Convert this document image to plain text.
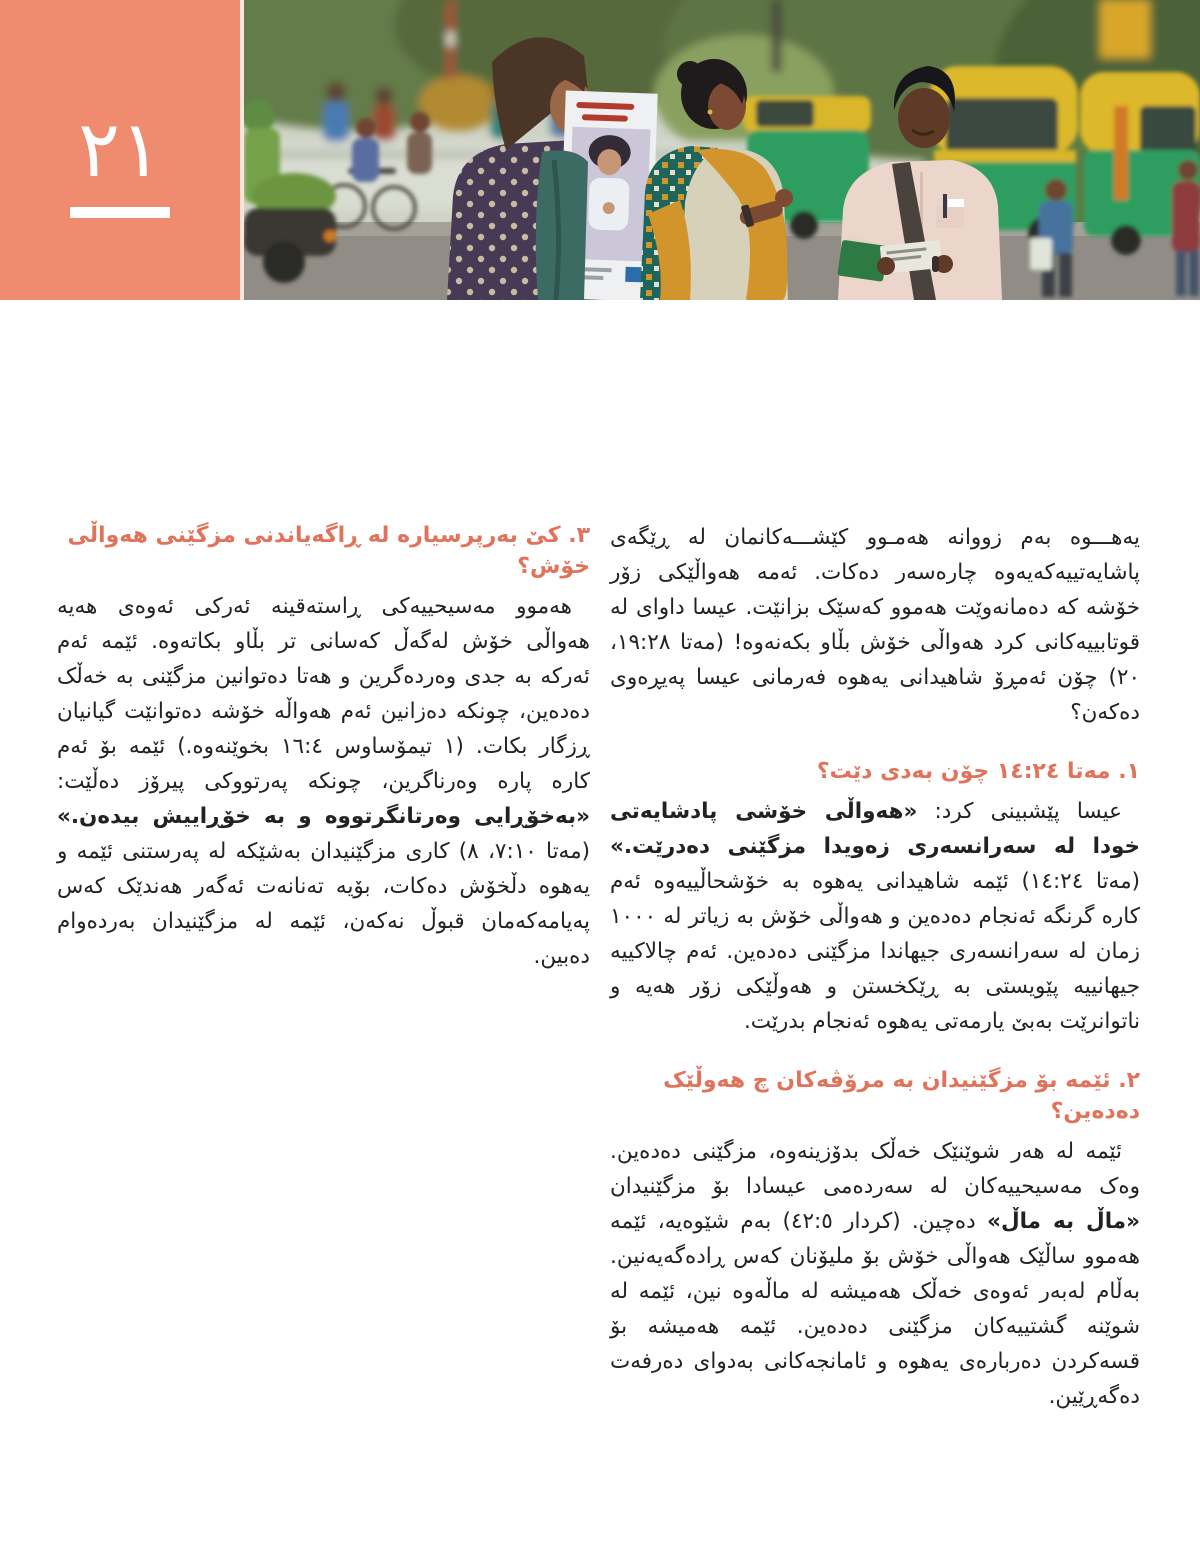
٢١

یەهـــوە بەم زووانە هەمـوو کێشـــەکانمان لە ڕێگەی پاشایەتییەکەیەوە چارەسەر دەکات. ئەمە هەواڵێکی زۆر خۆشە کە دەمانەوێت هەموو کەسێک بزانێت. عیسا داوای لە قوتابییەکانی کرد هەواڵی خۆش بڵاو بکەنەوە! (مەتا ١٩:٢٨، ٢٠) چۆن ئەمڕۆ شاهیدانی یەهوە فەرمانی عیسا پەیڕەوی دەکەن؟

١. مەتا ١٤:٢٤ چۆن بەدی دێت؟

عیسا پێشبینی کرد: «هەواڵی خۆشی پادشایەتی خودا لە سەرانسەری زەویدا مزگێنی دەدرێت.» (مەتا ١٤:٢٤) ئێمە شاهیدانی یەهوە بە خۆشحاڵییەوە ئەم کارە گرنگە ئەنجام دەدەین و هەواڵی خۆش بە زیاتر لە ١٠٠٠ زمان لە سەرانسەری جیهاندا مزگێنی دەدەین. ئەم چالاکییە جیهانییە پێویستی بە ڕێکخستن و هەوڵێکی زۆر هەیە و ناتوانرێت بەبێ یارمەتی یەهوە ئەنجام بدرێت.

٢. ئێمە بۆ مزگێنیدان بە مرۆڤەکان چ هەوڵێک دەدەین؟

ئێمە لە هەر شوێنێک خەڵک بدۆزینەوە، مزگێنی دەدەین. وەک مەسیحییەکان لە سەردەمی عیسادا بۆ مزگێنیدان «ماڵ بە ماڵ» دەچین. (کردار ٤٢:٥) بەم شێوەیە، ئێمە هەموو ساڵێک هەواڵی خۆش بۆ ملیۆنان کەس ڕادەگەیەنین. بەڵام لەبەر ئەوەی خەڵک هەمیشە لە ماڵەوە نین، ئێمە لە شوێنە گشتییەکان مزگێنی دەدەین. ئێمە هەمیشە بۆ قسەکردن دەربارەی یەهوە و ئامانجەکانی بەدوای دەرفەت دەگەڕێین.

٣. کێ بەرپرسیارە لە ڕاگەیاندنی مزگێنی هەواڵی خۆش؟

هەموو مەسیحییەکی ڕاستەقینە ئەرکی ئەوەی هەیە هەواڵی خۆش لەگەڵ کەسانی تر بڵاو بکاتەوە. ئێمە ئەم ئەرکە بە جدی وەردەگرین و هەتا دەتوانین مزگێنی بە خەڵک دەدەین، چونکە دەزانین ئەم هەواڵە خۆشە دەتوانێت گیانیان ڕزگار بکات. (١ تیمۆساوس ١٦:٤ بخوێنەوە.) ئێمە بۆ ئەم کارە پارە وەرناگرین، چونکە پەرتووکی پیرۆز دەڵێت: «بەخۆڕایی وەرتانگرتووە و بە خۆڕاییش بیدەن.» (مەتا ٧:١٠، ٨) کاری مزگێنیدان بەشێکە لە پەرستنی ئێمە و یەهوە دڵخۆش دەکات، بۆیە تەنانەت ئەگەر هەندێک کەس پەیامەکەمان قبوڵ نەکەن، ئێمە لە مزگێنیدان بەردەوام دەبین.
